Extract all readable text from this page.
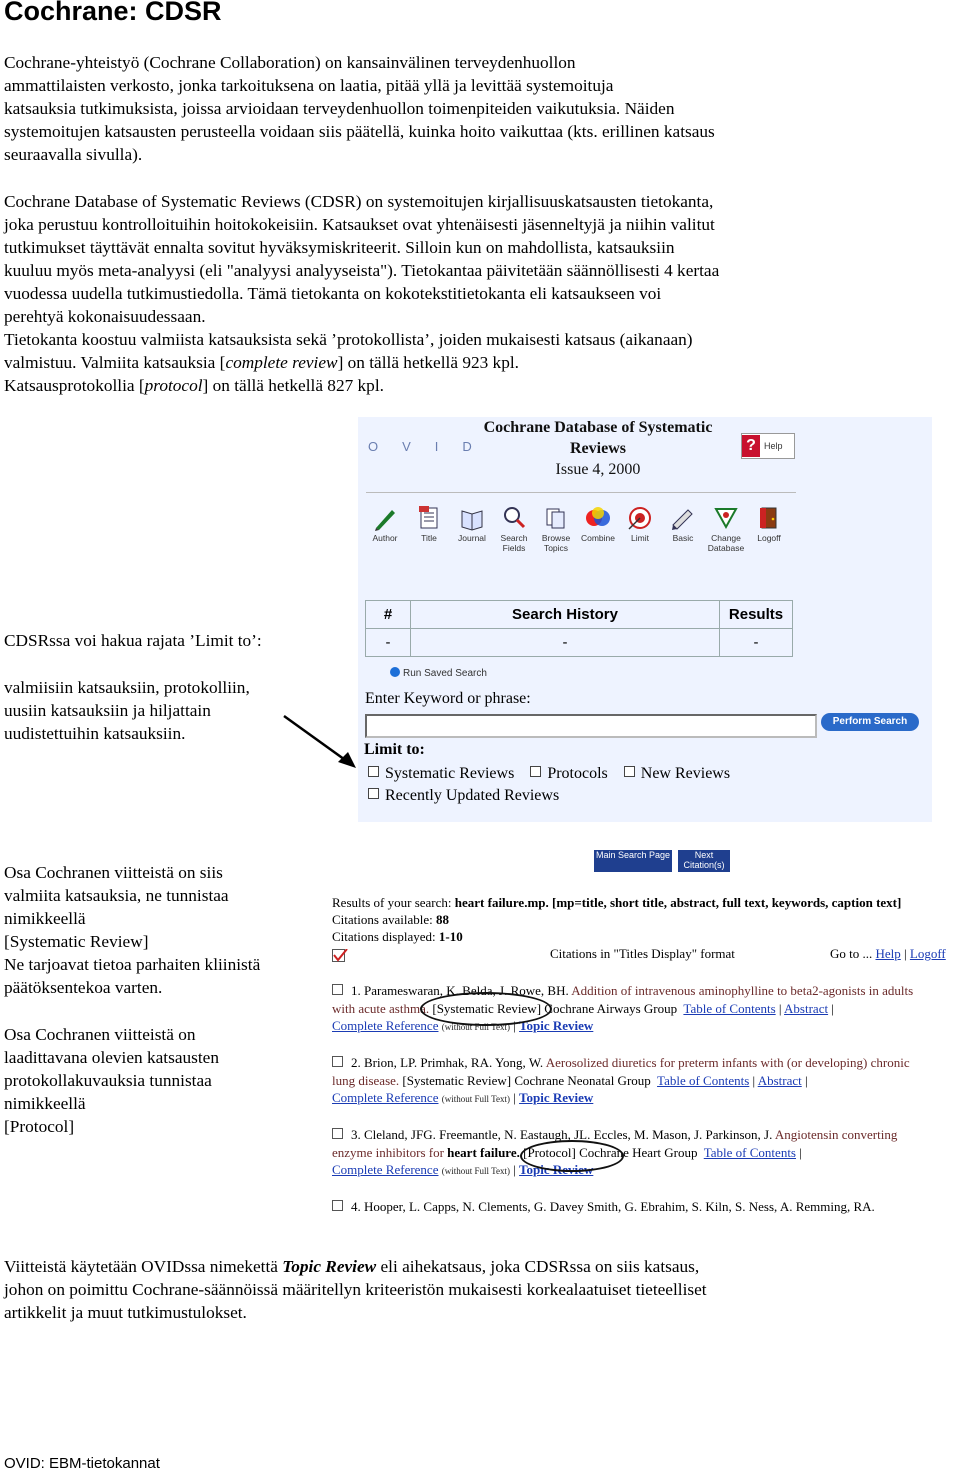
Cochrane: CDSR
Cochrane-yhteistyö (Cochrane Collaboration) on kansainvälinen terveydenhuollon
ammattilaisten verkosto, jonka tarkoituksena on laatia, pitää yllä ja levittää systemoituja
katsauksia tutkimuksista, joissa arvioidaan terveydenhuollon toimenpiteiden vaikutuksia. Näiden
systemoitujen katsausten perusteella voidaan siis päätellä, kuinka hoito vaikuttaa (kts. erillinen katsaus
seuraavalla sivulla).
Cochrane Database of Systematic Reviews (CDSR) on systemoitujen kirjallisuuskatsausten tietokanta,
joka perustuu kontrolloituihin hoitokokeisiin. Katsaukset ovat yhtenäisesti jäsenneltyjä ja niihin valitut
tutkimukset täyttävät ennalta sovitut hyväksymiskriteerit. Silloin kun on mahdollista, katsauksiin
kuuluu myös meta-analyysi (eli "analyysi analyyseista"). Tietokantaa päivitetään säännöllisesti 4 kertaa
vuodessa uudella tutkimustiedolla. Tämä tietokanta on kokotekstitietokanta eli katsaukseen voi
perehtyä kokonaisuudessaan.
Tietokanta koostuu valmiista katsauksista sekä ’protokollista’, joiden mukaisesti katsaus (aikanaan)
valmistuu. Valmiita katsauksia [complete review] on tällä hetkellä 923 kpl.
Katsausprotokollia [protocol] on tällä hetkellä 827 kpl.
OVID
Cochrane Database of Systematic
Reviews
Issue 4, 2000
? Help
Author	Title	Journal	Search Fields
Browse Topics
Combine	Limit	Basic	Change Database
Logoff
#	Search History	Results
-	-	-
Run Saved Search
Enter Keyword or phrase:
Perform Search
Limit to:
Systematic Reviews Protocols New Reviews
Recently Updated Reviews
CDSRssa voi hakua rajata ’Limit to’:
valmiisiin katsauksiin, protokolliin,
uusiin katsauksiin ja hiljattain
uudistettuihin katsauksiin.
Osa Cochranen viitteistä on siis
valmiita katsauksia, ne tunnistaa
nimikkeellä
[Systematic Review]
Ne tarjoavat tietoa parhaiten kliinistä
päätöksentekoa varten.
Osa Cochranen viitteistä on
laadittavana olevien katsausten
protokollakuvauksia tunnistaa
nimikkeellä
[Protocol]
Main Search Page	Next Citation(s)
Results of your search: heart failure.mp. [mp=title, short title, abstract, full text, keywords, caption text]
Citations available: 88
Citations displayed: 1-10
Citations in "Titles Display" format	Go to ... Help | Logoff
1. Parameswaran, K. Belda, J. Rowe, BH. Addition of intravenous aminophylline to beta2-agonists in adults
with acute asthma. [Systematic Review] Cochrane Airways Group Table of Contents | Abstract |
Complete Reference (without Full Text) | Topic Review
2. Brion, LP. Primhak, RA. Yong, W. Aerosolized diuretics for preterm infants with (or developing) chronic
lung disease. [Systematic Review] Cochrane Neonatal Group Table of Contents | Abstract |
Complete Reference (without Full Text) | Topic Review
3. Cleland, JFG. Freemantle, N. Eastaugh, JL. Eccles, M. Mason, J. Parkinson, J. Angiotensin converting
enzyme inhibitors for heart failure. [Protocol] Cochrane Heart Group Table of Contents |
Complete Reference (without Full Text) | Topic Review
4. Hooper, L. Capps, N. Clements, G. Davey Smith, G. Ebrahim, S. Kiln, S. Ness, A. Remming, RA.
Viitteistä käytetään OVIDssa nimekettä Topic Review eli aihekatsaus, joka CDSRssa on siis katsaus,
johon on poimittu Cochrane-säännöissä määritellyn kriteeristön mukaisesti korkealaatuiset tieteelliset
artikkelit ja muut tutkimustulokset.
OVID: EBM-tietokannat
